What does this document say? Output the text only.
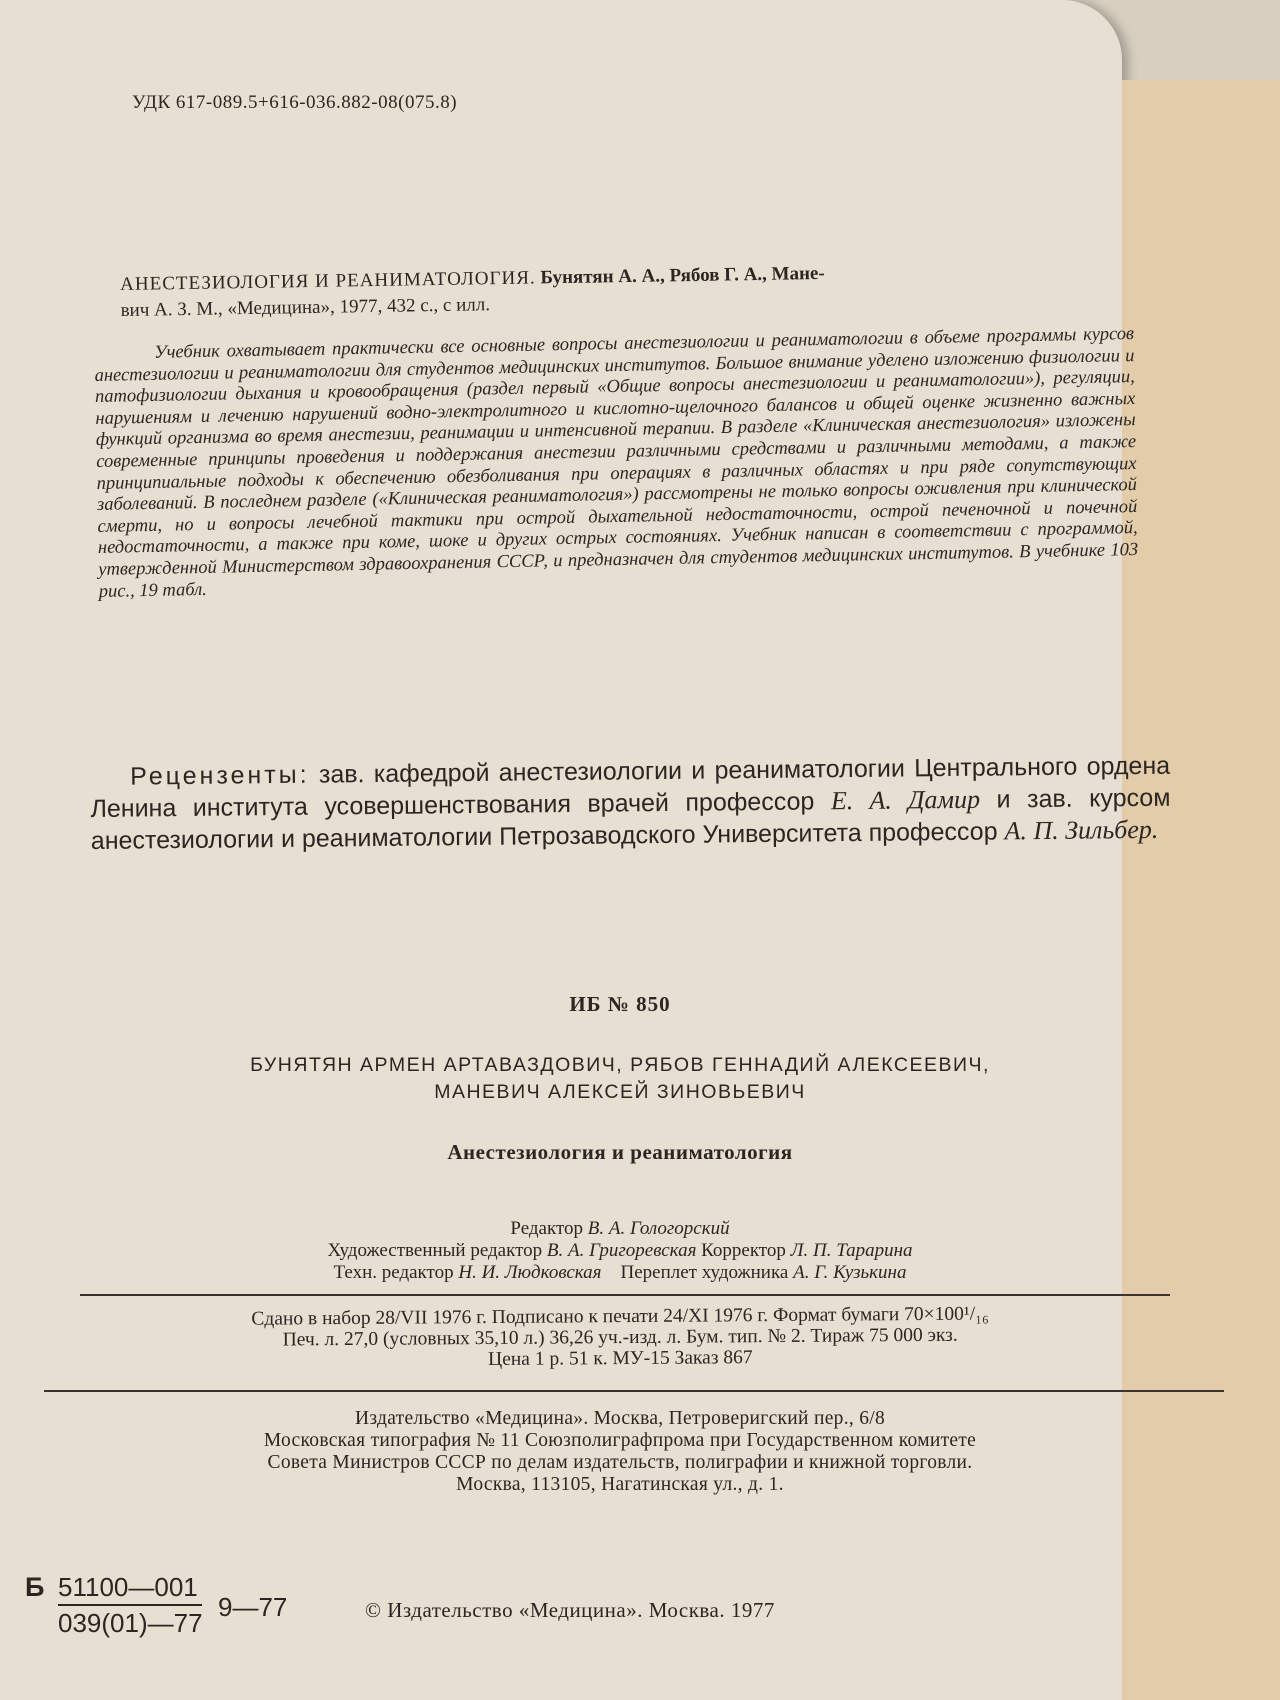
УДК 617-089.5+616-036.882-08(075.8)
АНЕСТЕЗИОЛОГИЯ И РЕАНИМАТОЛОГИЯ. Бунятян А. А., Рябов Г. А., Мане-
вич А. З. М., «Медицина», 1977, 432 с., с илл.
Учебник охватывает практически все основные вопросы анестезиологии и реаниматологии в объеме программы курсов анестезиологии и реаниматологии для студентов медицинских институтов. Большое внимание уделено изложению физиологии и патофизиологии дыхания и кровообращения (раздел первый «Общие вопросы анестезиологии и реаниматологии»), регуляции, нарушениям и лечению нарушений водно-электролитного и кислотно-щелочного балансов и общей оценке жизненно важных функций организма во время анестезии, реанимации и интенсивной терапии. В разделе «Клиническая анестезиология» изложены современные принципы проведения и поддержания анестезии различными средствами и различными методами, а также принципиальные подходы к обеспечению обезболивания при операциях в различных областях и при ряде сопутствующих заболеваний. В последнем разделе («Клиническая реаниматология») рассмотрены не только вопросы оживления при клинической смерти, но и вопросы лечебной тактики при острой дыхательной недостаточности, острой печеночной и почечной недостаточности, а также при коме, шоке и других острых состояниях. Учебник написан в соответствии с программой, утвержденной Министерством здравоохранения СССР, и предназначен для студентов медицинских институтов. В учебнике 103 рис., 19 табл.
Рецензенты: зав. кафедрой анестезиологии и реаниматологии Центрального ордена Ленина института усовершенствования врачей профессор Е. А. Дамир и зав. курсом анестезиологии и реаниматологии Петрозаводского Университета профессор А. П. Зильбер.
ИБ № 850
БУНЯТЯН АРМЕН АРТАВАЗДОВИЧ, РЯБОВ ГЕННАДИЙ АЛЕКСЕЕВИЧ,
МАНЕВИЧ АЛЕКСЕЙ ЗИНОВЬЕВИЧ
Анестезиология и реаниматология
Редактор В. А. Гологорский
Художественный редактор В. А. Григоревская Корректор Л. П. Тарарина
Техн. редактор Н. И. Людковская Переплет художника А. Г. Кузькина
Сдано в набор 28/VII 1976 г. Подписано к печати 24/XI 1976 г. Формат бумаги 70×100¹/₁₆
Печ. л. 27,0 (условных 35,10 л.) 36,26 уч.-изд. л. Бум. тип. № 2. Тираж 75 000 экз.
Цена 1 р. 51 к. МУ-15 Заказ 867
Издательство «Медицина». Москва, Петроверигский пер., 6/8
Московская типография № 11 Союзполиграфпрома при Государственном комитете
Совета Министров СССР по делам издательств, полиграфии и книжной торговли.
Москва, 113105, Нагатинская ул., д. 1.
Б $\frac{51100—001}{039(01)—77}$ 9—77	© Издательство «Медицина». Москва. 1977
